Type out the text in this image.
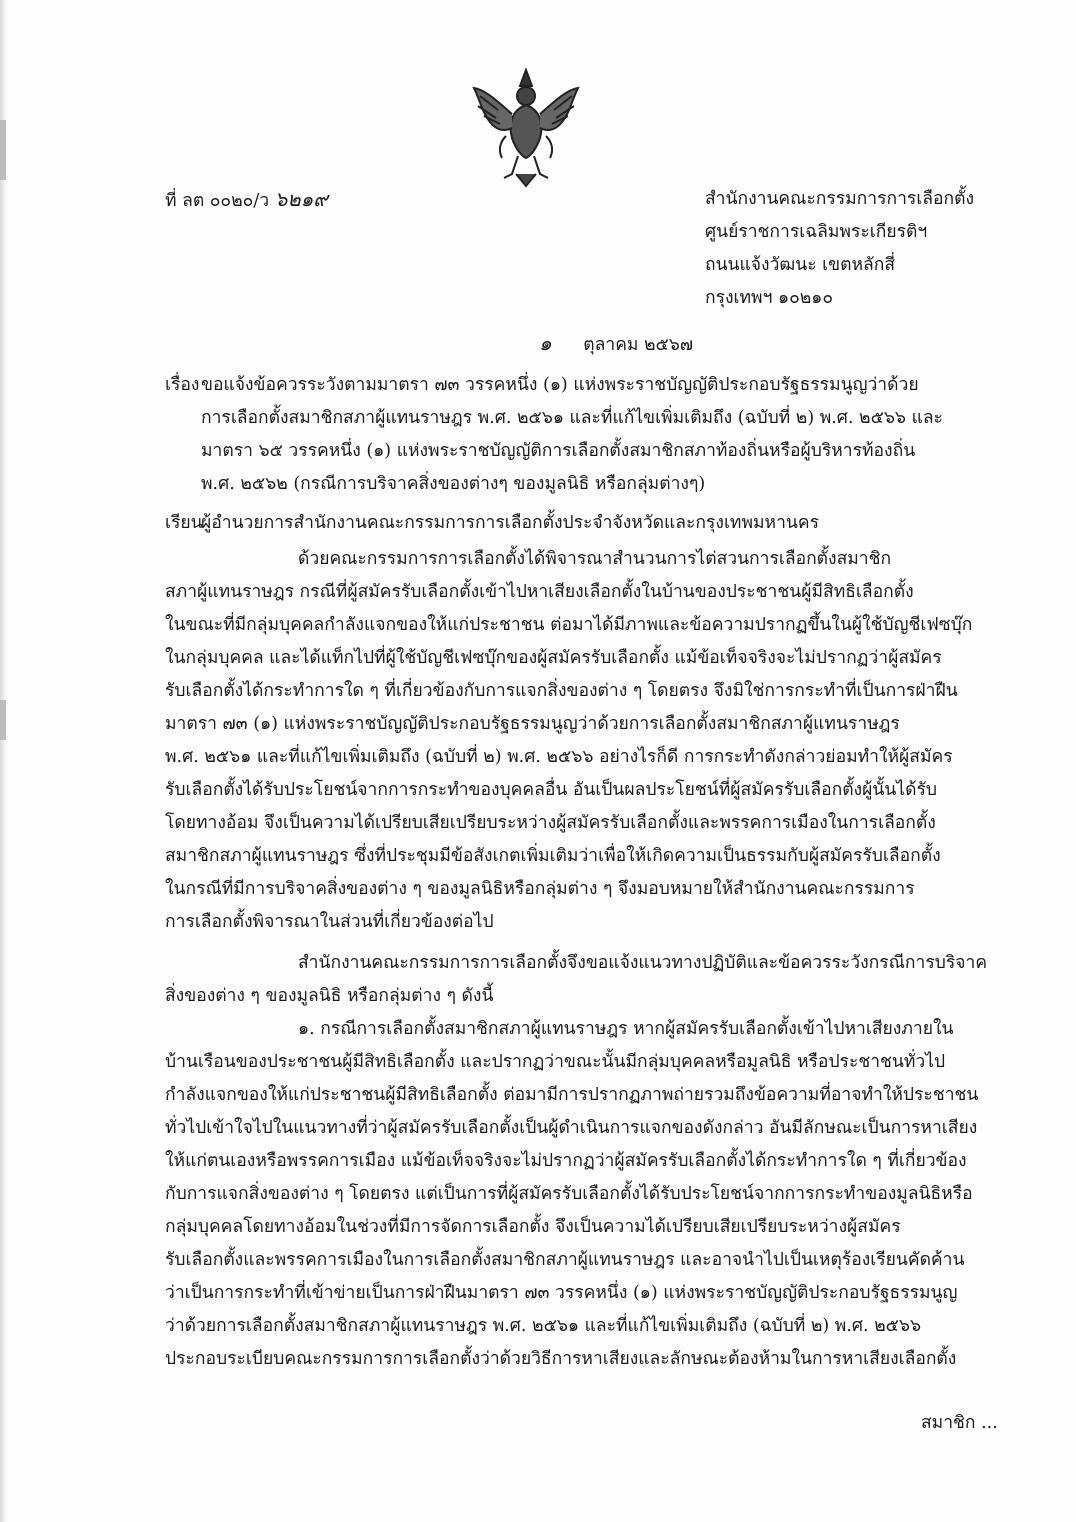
ที่ ลต ๐๐๒๐/ว ๖๒๑๙	สำนักงานคณะกรรมการการเลือกตั้ง
ศูนย์ราชการเฉลิมพระเกียรติฯ
ถนนแจ้งวัฒนะ เขตหลักสี่
กรุงเทพฯ ๑๐๒๑๐
๑ ตุลาคม ๒๕๖๗
เรื่อง ขอแจ้งข้อควรระวังตามมาตรา ๗๓ วรรคหนึ่ง (๑) แห่งพระราชบัญญัติประกอบรัฐธรรมนูญว่าด้วย
การเลือกตั้งสมาชิกสภาผู้แทนราษฎร พ.ศ. ๒๕๖๑ และที่แก้ไขเพิ่มเติมถึง (ฉบับที่ ๒) พ.ศ. ๒๕๖๖ และ
มาตรา ๖๕ วรรคหนึ่ง (๑) แห่งพระราชบัญญัติการเลือกตั้งสมาชิกสภาท้องถิ่นหรือผู้บริหารท้องถิ่น
พ.ศ. ๒๕๖๒ (กรณีการบริจาคสิ่งของต่างๆ ของมูลนิธิ หรือกลุ่มต่างๆ)
เรียน
ผู้อำนวยการสำนักงานคณะกรรมการการเลือกตั้งประจำจังหวัดและกรุงเทพมหานคร
ด้วยคณะกรรมการการเลือกตั้งได้พิจารณาสำนวนการไต่สวนการเลือกตั้งสมาชิก
สภาผู้แทนราษฎร กรณีที่ผู้สมัครรับเลือกตั้งเข้าไปหาเสียงเลือกตั้งในบ้านของประชาชนผู้มีสิทธิเลือกตั้ง
ในขณะที่มีกลุ่มบุคคลกำลังแจกของให้แก่ประชาชน ต่อมาได้มีภาพและข้อความปรากฏขึ้นในผู้ใช้บัญชีเฟซบุ๊ก
ในกลุ่มบุคคล และได้แท็กไปที่ผู้ใช้บัญชีเฟซบุ๊กของผู้สมัครรับเลือกตั้ง แม้ข้อเท็จจริงจะไม่ปรากฏว่าผู้สมัคร
รับเลือกตั้งได้กระทำการใด ๆ ที่เกี่ยวข้องกับการแจกสิ่งของต่าง ๆ โดยตรง จึงมิใช่การกระทำที่เป็นการฝ่าฝืน
มาตรา ๗๓ (๑) แห่งพระราชบัญญัติประกอบรัฐธรรมนูญว่าด้วยการเลือกตั้งสมาชิกสภาผู้แทนราษฎร
พ.ศ. ๒๕๖๑ และที่แก้ไขเพิ่มเติมถึง (ฉบับที่ ๒) พ.ศ. ๒๕๖๖ อย่างไรก็ดี การกระทำดังกล่าวย่อมทำให้ผู้สมัคร
รับเลือกตั้งได้รับประโยชน์จากการกระทำของบุคคลอื่น อันเป็นผลประโยชน์ที่ผู้สมัครรับเลือกตั้งผู้นั้นได้รับ
โดยทางอ้อม จึงเป็นความได้เปรียบเสียเปรียบระหว่างผู้สมัครรับเลือกตั้งและพรรคการเมืองในการเลือกตั้ง
สมาชิกสภาผู้แทนราษฎร ซึ่งที่ประชุมมีข้อสังเกตเพิ่มเติมว่าเพื่อให้เกิดความเป็นธรรมกับผู้สมัครรับเลือกตั้ง
ในกรณีที่มีการบริจาคสิ่งของต่าง ๆ ของมูลนิธิหรือกลุ่มต่าง ๆ จึงมอบหมายให้สำนักงานคณะกรรมการ
การเลือกตั้งพิจารณาในส่วนที่เกี่ยวข้องต่อไป
สำนักงานคณะกรรมการการเลือกตั้งจึงขอแจ้งแนวทางปฏิบัติและข้อควรระวังกรณีการบริจาค
สิ่งของต่าง ๆ ของมูลนิธิ หรือกลุ่มต่าง ๆ ดังนี้
๑. กรณีการเลือกตั้งสมาชิกสภาผู้แทนราษฎร หากผู้สมัครรับเลือกตั้งเข้าไปหาเสียงภายใน
บ้านเรือนของประชาชนผู้มีสิทธิเลือกตั้ง และปรากฏว่าขณะนั้นมีกลุ่มบุคคลหรือมูลนิธิ หรือประชาชนทั่วไป
กำลังแจกของให้แก่ประชาชนผู้มีสิทธิเลือกตั้ง ต่อมามีการปรากฏภาพถ่ายรวมถึงข้อความที่อาจทำให้ประชาชน
ทั่วไปเข้าใจไปในแนวทางที่ว่าผู้สมัครรับเลือกตั้งเป็นผู้ดำเนินการแจกของดังกล่าว อันมีลักษณะเป็นการหาเสียง
ให้แก่ตนเองหรือพรรคการเมือง แม้ข้อเท็จจริงจะไม่ปรากฏว่าผู้สมัครรับเลือกตั้งได้กระทำการใด ๆ ที่เกี่ยวข้อง
กับการแจกสิ่งของต่าง ๆ โดยตรง แต่เป็นการที่ผู้สมัครรับเลือกตั้งได้รับประโยชน์จากการกระทำของมูลนิธิหรือ
กลุ่มบุคคลโดยทางอ้อมในช่วงที่มีการจัดการเลือกตั้ง จึงเป็นความได้เปรียบเสียเปรียบระหว่างผู้สมัคร
รับเลือกตั้งและพรรคการเมืองในการเลือกตั้งสมาชิกสภาผู้แทนราษฎร และอาจนำไปเป็นเหตุร้องเรียนคัดค้าน
ว่าเป็นการกระทำที่เข้าข่ายเป็นการฝ่าฝืนมาตรา ๗๓ วรรคหนึ่ง (๑) แห่งพระราชบัญญัติประกอบรัฐธรรมนูญ
ว่าด้วยการเลือกตั้งสมาชิกสภาผู้แทนราษฎร พ.ศ. ๒๕๖๑ และที่แก้ไขเพิ่มเติมถึง (ฉบับที่ ๒) พ.ศ. ๒๕๖๖
ประกอบระเบียบคณะกรรมการการเลือกตั้งว่าด้วยวิธีการหาเสียงและลักษณะต้องห้ามในการหาเสียงเลือกตั้ง
สมาชิก ...
